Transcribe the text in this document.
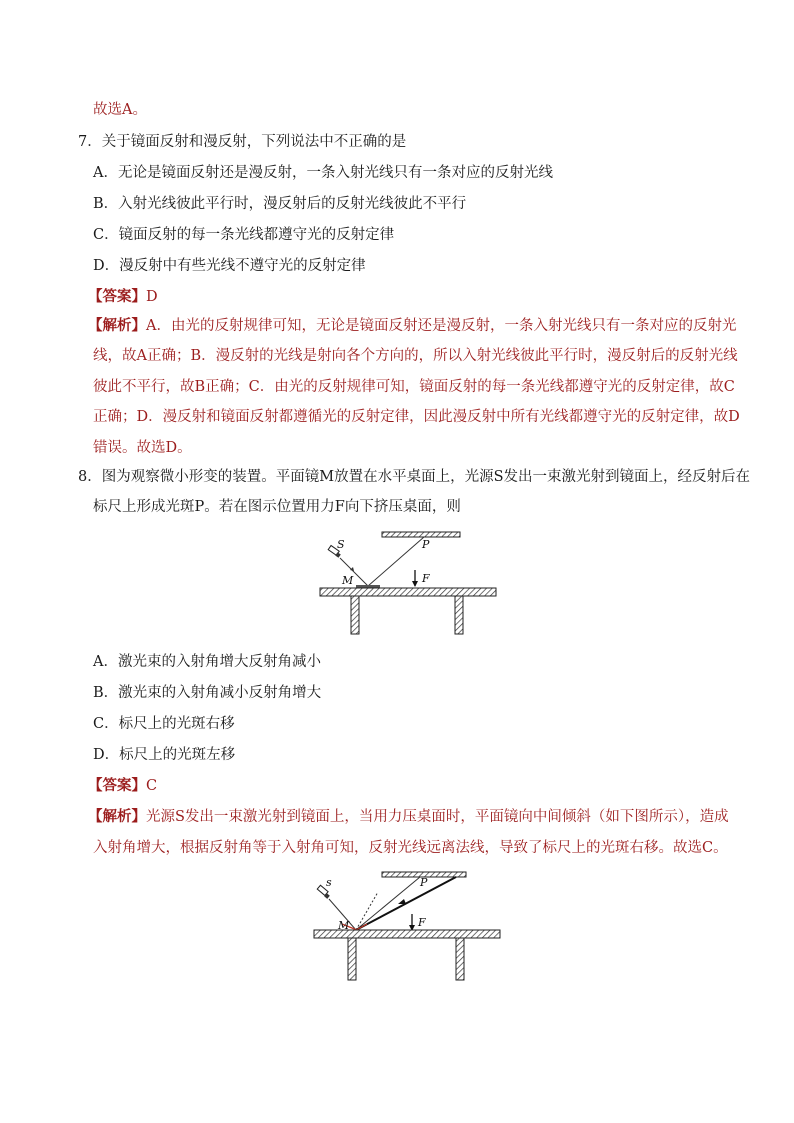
故选A。
7．关于镜面反射和漫反射，下列说法中不正确的是
A．无论是镜面反射还是漫反射，一条入射光线只有一条对应的反射光线
B．入射光线彼此平行时，漫反射后的反射光线彼此不平行
C．镜面反射的每一条光线都遵守光的反射定律
D．漫反射中有些光线不遵守光的反射定律
【答案】D
【解析】A．由光的反射规律可知，无论是镜面反射还是漫反射，一条入射光线只有一条对应的反射光
线，故A正确；B．漫反射的光线是射向各个方向的，所以入射光线彼此平行时，漫反射后的反射光线
彼此不平行，故B正确；C．由光的反射规律可知，镜面反射的每一条光线都遵守光的反射定律，故C
正确；D．漫反射和镜面反射都遵循光的反射定律，因此漫反射中所有光线都遵守光的反射定律，故D
错误。故选D。
8．图为观察微小形变的装置。平面镜M放置在水平桌面上，光源S发出一束激光射到镜面上，经反射后在
标尺上形成光斑P。若在图示位置用力F向下挤压桌面，则
S
M
P
F
A．激光束的入射角增大反射角减小
B．激光束的入射角减小反射角增大
C．标尺上的光斑右移
D．标尺上的光斑左移
【答案】C
【解析】光源S发出一束激光射到镜面上，当用力压桌面时，平面镜向中间倾斜（如下图所示），造成
入射角增大，根据反射角等于入射角可知，反射光线远离法线，导致了标尺上的光斑右移。故选C。
s
M
P
F
